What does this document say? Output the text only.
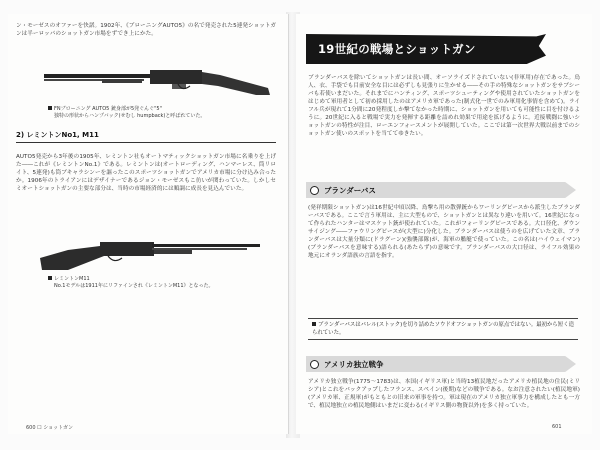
ン・モーゼスのオファーを快諾。1902年、《ブローニングAUTO5》の名で発売された5連発ショットガンは半ーロッパのショットガン市場をずでき上にかた。
FNブローニング AUTO5 銃身部が5発ぐんぐ"5"
独特の形状からハンプバック(せむし humpback)と呼ばれていた。
2) レミントンNo1, M11
AUTO5発売から3年後の1905年、レミントン社もオートマティックショットガン市場に名乗りを上げた――これが《レミントンNo.1》である。レミントンは(オートローディング、ハンマーレス、筒リロイト、5連発)も筒ブキャラシンーを謳ったこのスポーツショットガンでアメリカ市場に分け込み合ったか。1906年のトライアンにはデザイナーであるジョン・モーゼスもこ彷いが関わっていた。しかしセミオートショットガンの主要な部分は、当時の市場経済的には順調に成長を見込んでいた。
レミントンM11
No.1モデルは1911年にリファインされ《レミントンM11》となった。
600 ☐ ショットガン
19世紀の戦場とショットガン
ブランダーバスを除いてショットガンは長い間、オーソライズドされていない(非軍用)存在であった。鳥人、衣、手袋でも目前安全な目には必ずしも見張りに生かせる――その手の特殊なショットガンをサブシーバも若使いまだいた。それまでにハンティング、スポーツシューティングや使用されていたショットガンをはじめて軍用者として初め採用したのはアメリカ軍であった(制式化一世でのみ軍用化事情を含めて)。ライフル兵が現れて1分間に20発程度しか撃てなかった時期に、ショットガンを用いても可能性に目を付けるように。20世紀に入ると戦場で実力を発揮する距離を詰めれ効果で用途を拡げるように。近接戦闘に強いショットガンの特性が注目、ローエンフォースメントが展開していた。ここでは第一次世界大戦以前までのショットガン使いのスポットを当ててゆきたい。
ブランダーバス
(発祥期限ショットガン)は16世紀中頃以降、鳥撃ち用の散弾銃からワーリングピースから派生したブランダーバスである。ここで言う軍用は、主に大型もので、ショットガンとは異なり違いを用いて。16世紀になって作られたハンターはマスケット銃が使われていた。これがフォーリングピースである。大口径化、ダウンサイジング――ファウリングピースが(大型に)分化した。ブランダーバスは使うのを広げていた文章、ブランダーバスは大量分類に(ドラグーン)(強襲部隊)が、海軍の艦艇で使っていた。この名は(ハイウェイマン)(ブランダーバスを意味する)語られる(あたらず)の意味です。ブランダーバスの大口径は、ライフル効果の地元にオランダ語族の言語を指す。
ブランダーバスはバレル(ストック)を切り詰めたソウドオフショットガンの原点ではない。最初から短く造られていた。
アメリカ独立戦争
アメリカ独立戦争(1775〜1783)は、本国(イギリス軍)と当時13植民地だったアメリカ植民地の住民(ミリシア)とこれをバックアップしたフランス、スペイン(後期)などの戦争である。なお注意されたい(植民地軍)(アメリカ軍、正規軍)がもともとの旧来の軍事を持つ。軍は現在のアメリカ独立軍事力を構成したとも一方で、植民地独立の植民地側はいまだに変わる(イギリス側の物資以外)を多く持っていた。
601
